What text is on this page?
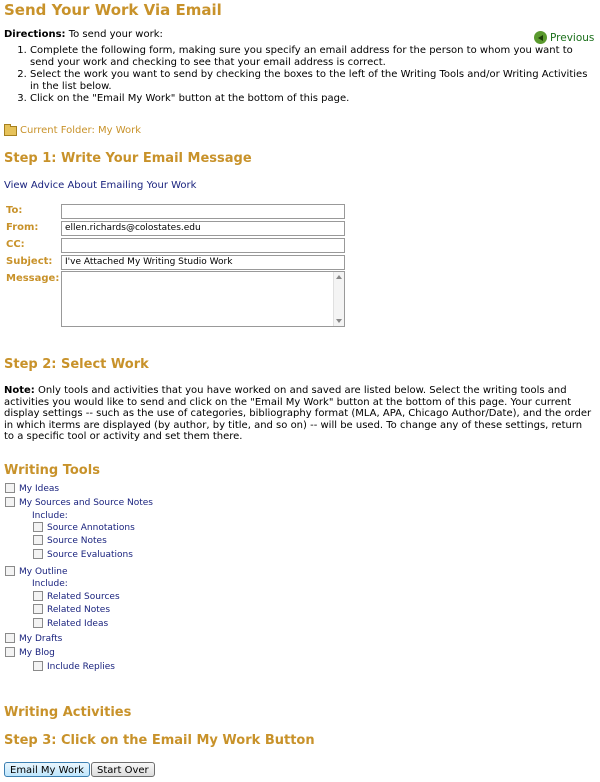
Send Your Work Via Email
Directions: To send your work:	Previous
1. Complete the following form, making sure you specify an email address for the person to whom you want to send your work and checking to see that your email address is correct.
2. Select the work you want to send by checking the boxes to the left of the Writing Tools and/or Writing Activities in the list below.
3. Click on the "Email My Work" button at the bottom of this page.
Current Folder: My Work
Step 1: Write Your Email Message
View Advice About Emailing Your Work
To:
From:	ellen.richards@colostates.edu
CC:
Subject:	I've Attached My Writing Studio Work
Message:
Step 2: Select Work
Note: Only tools and activities that you have worked on and saved are listed below. Select the writing tools and activities you would like to send and click on the "Email My Work" button at the bottom of this page. Your current display settings -- such as the use of categories, bibliography format (MLA, APA, Chicago Author/Date), and the order in which iterms are displayed (by author, by title, and so on) -- will be used. To change any of these settings, return to a specific tool or activity and set them there.
Writing Tools
My Ideas
My Sources and Source Notes
Include:
Source Annotations
Source Notes
Source Evaluations
My Outline
Include:
Related Sources
Related Notes
Related Ideas
My Drafts
My Blog
Include Replies
Writing Activities
Step 3: Click on the Email My Work Button
Email My Work	Start Over
